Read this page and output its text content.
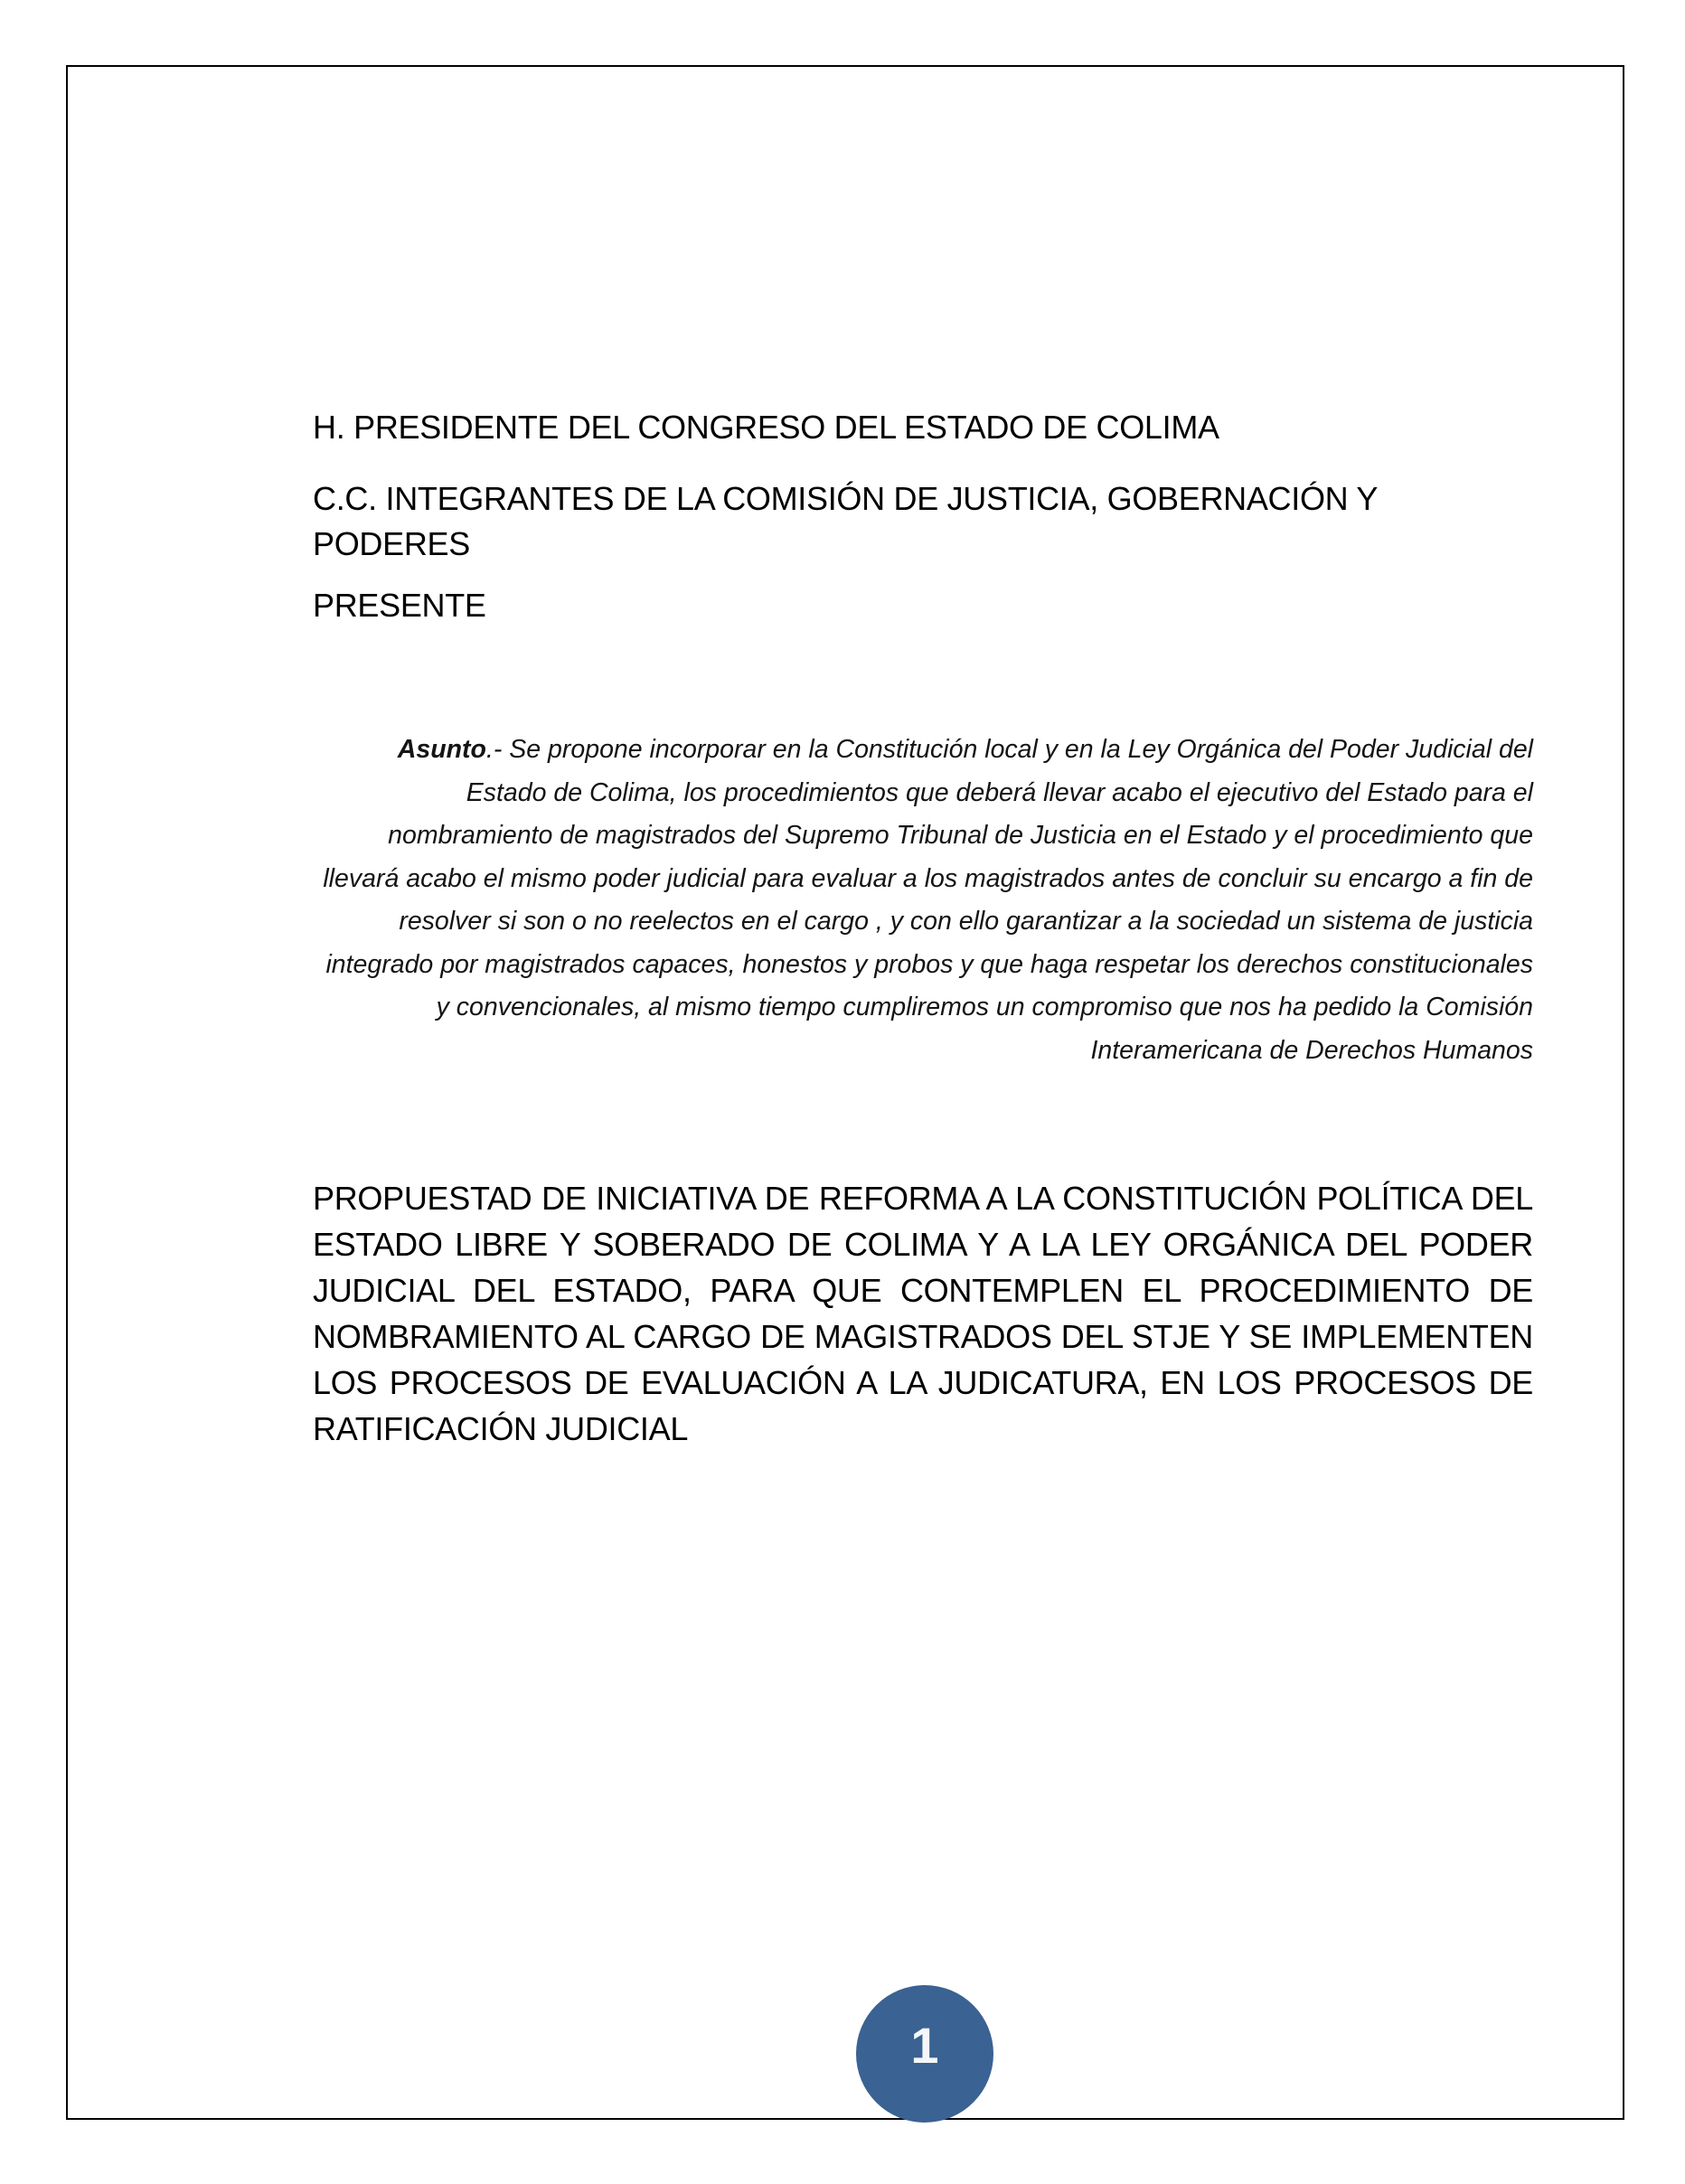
H. PRESIDENTE DEL CONGRESO DEL ESTADO DE COLIMA
C.C. INTEGRANTES DE LA COMISIÓN DE JUSTICIA, GOBERNACIÓN Y PODERES
PRESENTE
Asunto.- Se propone incorporar en la Constitución local y en la Ley Orgánica del Poder Judicial del Estado de Colima, los procedimientos que deberá llevar acabo el ejecutivo del Estado para el nombramiento de magistrados del Supremo Tribunal de Justicia en el Estado y el procedimiento que llevará acabo el mismo poder judicial para evaluar a los magistrados antes de concluir su encargo a fin de resolver si son o no reelectos en el cargo , y con ello garantizar a la sociedad un sistema de justicia integrado por magistrados capaces, honestos y probos y que haga respetar los derechos constitucionales y convencionales, al mismo tiempo cumpliremos un compromiso que nos ha pedido la Comisión Interamericana de Derechos Humanos
PROPUESTAD DE INICIATIVA DE REFORMA A LA CONSTITUCIÓN POLÍTICA DEL ESTADO LIBRE Y SOBERADO DE COLIMA Y A LA LEY ORGÁNICA DEL PODER JUDICIAL DEL ESTADO, PARA QUE CONTEMPLEN EL PROCEDIMIENTO DE NOMBRAMIENTO AL CARGO DE MAGISTRADOS DEL STJE Y SE IMPLEMENTEN LOS PROCESOS DE EVALUACIÓN A LA JUDICATURA, EN LOS PROCESOS DE RATIFICACIÓN JUDICIAL
1
